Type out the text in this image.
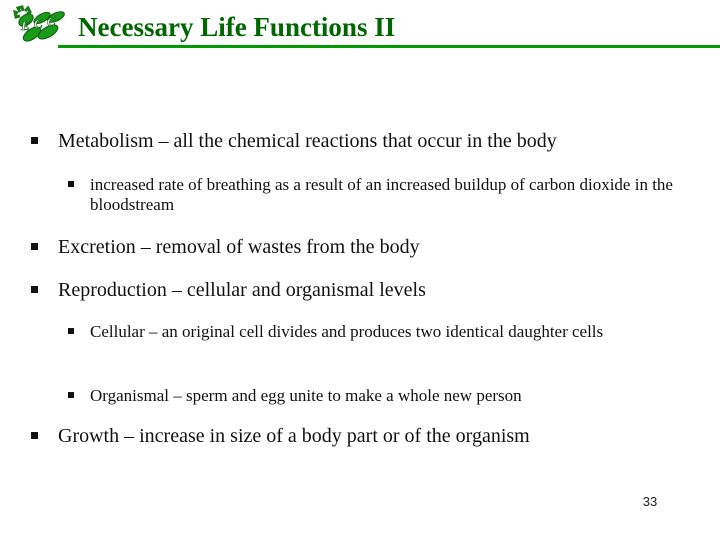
E C C Necessary Life Functions II
Metabolism – all the chemical reactions that occur in the body
increased rate of breathing as a result of an increased buildup of carbon dioxide in the bloodstream
Excretion – removal of wastes from the body
Reproduction – cellular and organismal levels
Cellular – an original cell divides and produces two identical daughter cells
Organismal – sperm and egg unite to make a whole new person
Growth – increase in size of a body part or of the organism
33
